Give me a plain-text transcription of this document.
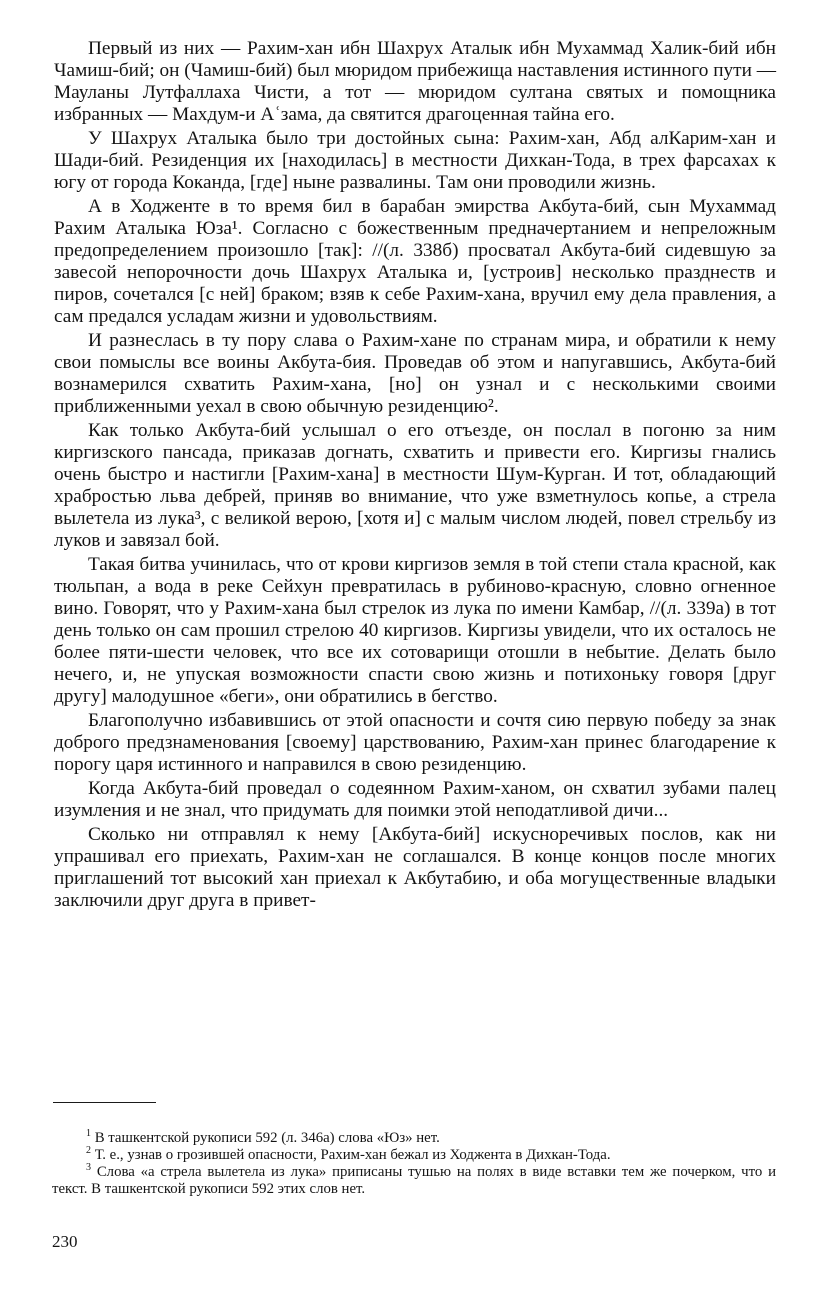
Первый из них — Рахим-хан ибн Шахрух Аталык ибн Мухаммад Халик-бий ибн Чамиш-бий; он (Чамиш-бий) был мюридом прибежища наставления истинного пути — Мауланы Лутфаллаха Чисти, а тот — мюридом султана святых и помощника избранных — Махдум-и Аʿзама, да святится драгоценная тайна его.

У Шахрух Аталыка было три достойных сына: Рахим-хан, Абд алКарим-хан и Шади-бий. Резиденция их [находилась] в местности Дихкан-Тода, в трех фарсахах к югу от города Коканда, [где] ныне развалины. Там они проводили жизнь.

А в Ходженте в то время бил в барабан эмирства Акбута-бий, сын Мухаммад Рахим Аталыка Юза¹. Согласно с божественным предначертанием и непреложным предопределением произошло [так]: //(л. 338б) просватал Акбута-бий сидевшую за завесой непорочности дочь Шахрух Аталыка и, [устроив] несколько празднеств и пиров, сочетался [с ней] браком; взяв к себе Рахим-хана, вручил ему дела правления, а сам предался усладам жизни и удовольствиям.

И разнеслась в ту пору слава о Рахим-хане по странам мира, и обратили к нему свои помыслы все воины Акбута-бия. Проведав об этом и напугавшись, Акбута-бий вознамерился схватить Рахим-хана, [но] он узнал и с несколькими своими приближенными уехал в свою обычную резиденцию².

Как только Акбута-бий услышал о его отъезде, он послал в погоню за ним киргизского пансада, приказав догнать, схватить и привести его. Киргизы гнались очень быстро и настигли [Рахим-хана] в местности Шум-Курган. И тот, обладающий храбростью льва дебрей, приняв во внимание, что уже взметнулось копье, а стрела вылетела из лука³, с великой верою, [хотя и] с малым числом людей, повел стрельбу из луков и завязал бой.

Такая битва учинилась, что от крови киргизов земля в той степи стала красной, как тюльпан, а вода в реке Сейхун превратилась в рубиново-красную, словно огненное вино. Говорят, что у Рахим-хана был стрелок из лука по имени Камбар, //(л. 339а) в тот день только он сам прошил стрелою 40 киргизов. Киргизы увидели, что их осталось не более пяти-шести человек, что все их сотоварищи отошли в небытие. Делать было нечего, и, не упуская возможности спасти свою жизнь и потихоньку говоря [друг другу] малодушное «беги», они обратились в бегство.

Благополучно избавившись от этой опасности и сочтя сию первую победу за знак доброго предзнаменования [своему] царствованию, Рахим-хан принес благодарение к порогу царя истинного и направился в свою резиденцию.

Когда Акбута-бий проведал о содеянном Рахим-ханом, он схватил зубами палец изумления и не знал, что придумать для поимки этой неподатливой дичи...

Сколько ни отправлял к нему [Акбута-бий] искусноречивых послов, как ни упрашивал его приехать, Рахим-хан не соглашался. В конце концов после многих приглашений тот высокий хан приехал к Акбутабию, и оба могущественные владыки заключили друг друга в привет-

$^1$ В ташкентской рукописи 592 (л. 346а) слова «Юз» нет.

$^2$ Т. е., узнав о грозившей опасности, Рахим-хан бежал из Ходжента в Дихкан-Тода.

$^3$ Слова «а стрела вылетела из лука» приписаны тушью на полях в виде вставки тем же почерком, что и текст. В ташкентской рукописи 592 этих слов нет.

230
